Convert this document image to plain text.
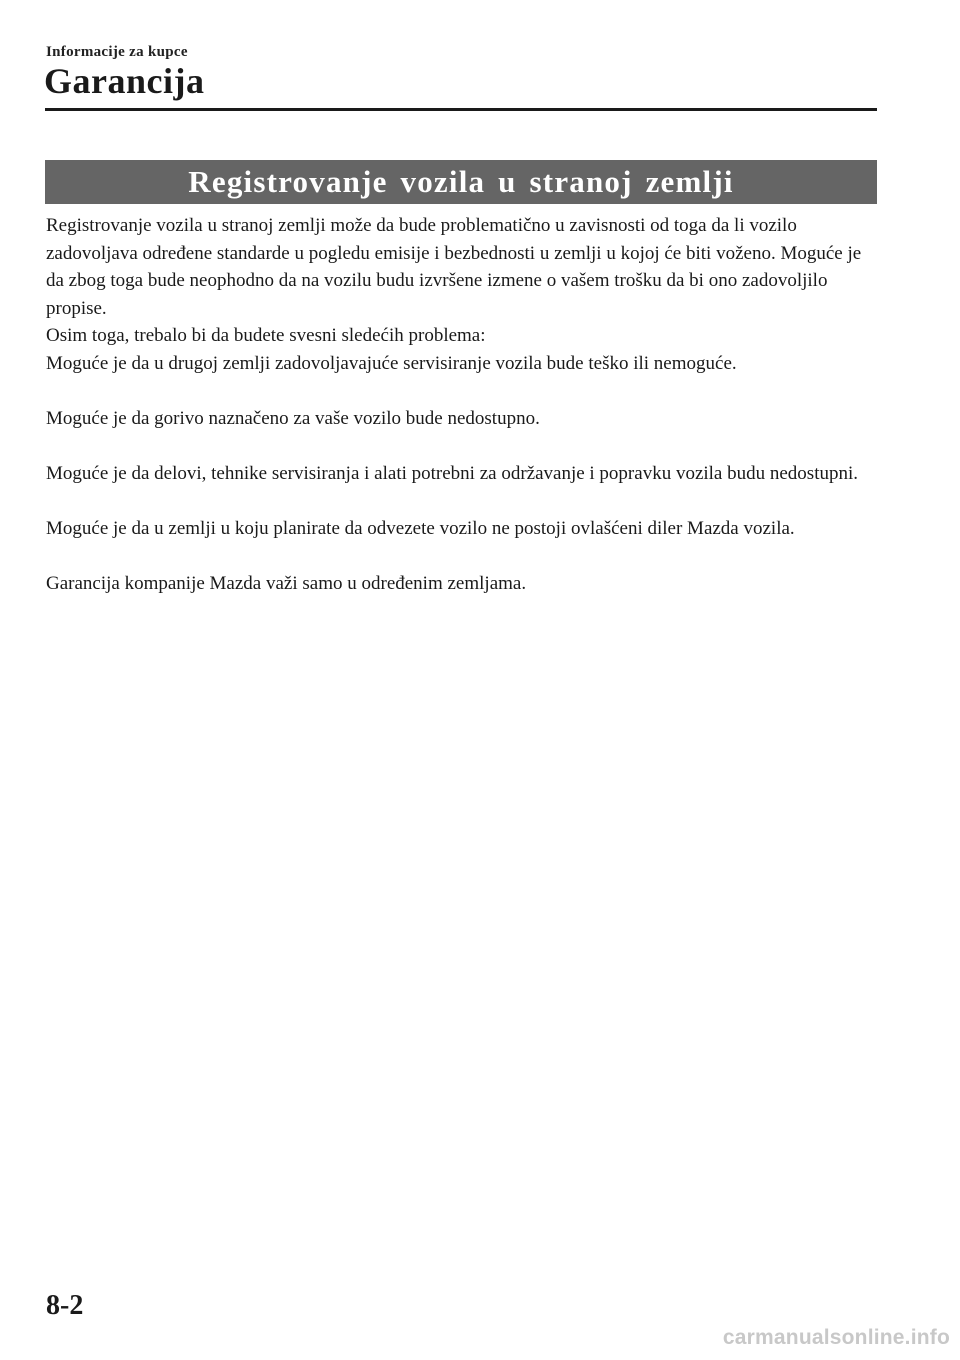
Informacije za kupce
Garancija
Registrovanje vozila u stranoj zemlji

Registrovanje vozila u stranoj zemlji može da bude problematično u zavisnosti od toga da li vozilo zadovoljava određene standarde u pogledu emisije i bezbednosti u zemlji u kojoj će biti voženo. Moguće je da zbog toga bude neophodno da na vozilu budu izvršene izmene o vašem trošku da bi ono zadovoljilo propise.

Osim toga, trebalo bi da budete svesni sledećih problema:

Moguće je da u drugoj zemlji zadovoljavajuće servisiranje vozila bude teško ili nemoguće.

Moguće je da gorivo naznačeno za vaše vozilo bude nedostupno.

Moguće je da delovi, tehnike servisiranja i alati potrebni za održavanje i popravku vozila budu nedostupni.

Moguće je da u zemlji u koju planirate da odvezete vozilo ne postoji ovlašćeni diler Mazda vozila.

Garancija kompanije Mazda važi samo u određenim zemljama.

8-2
carmanualsonline.info
